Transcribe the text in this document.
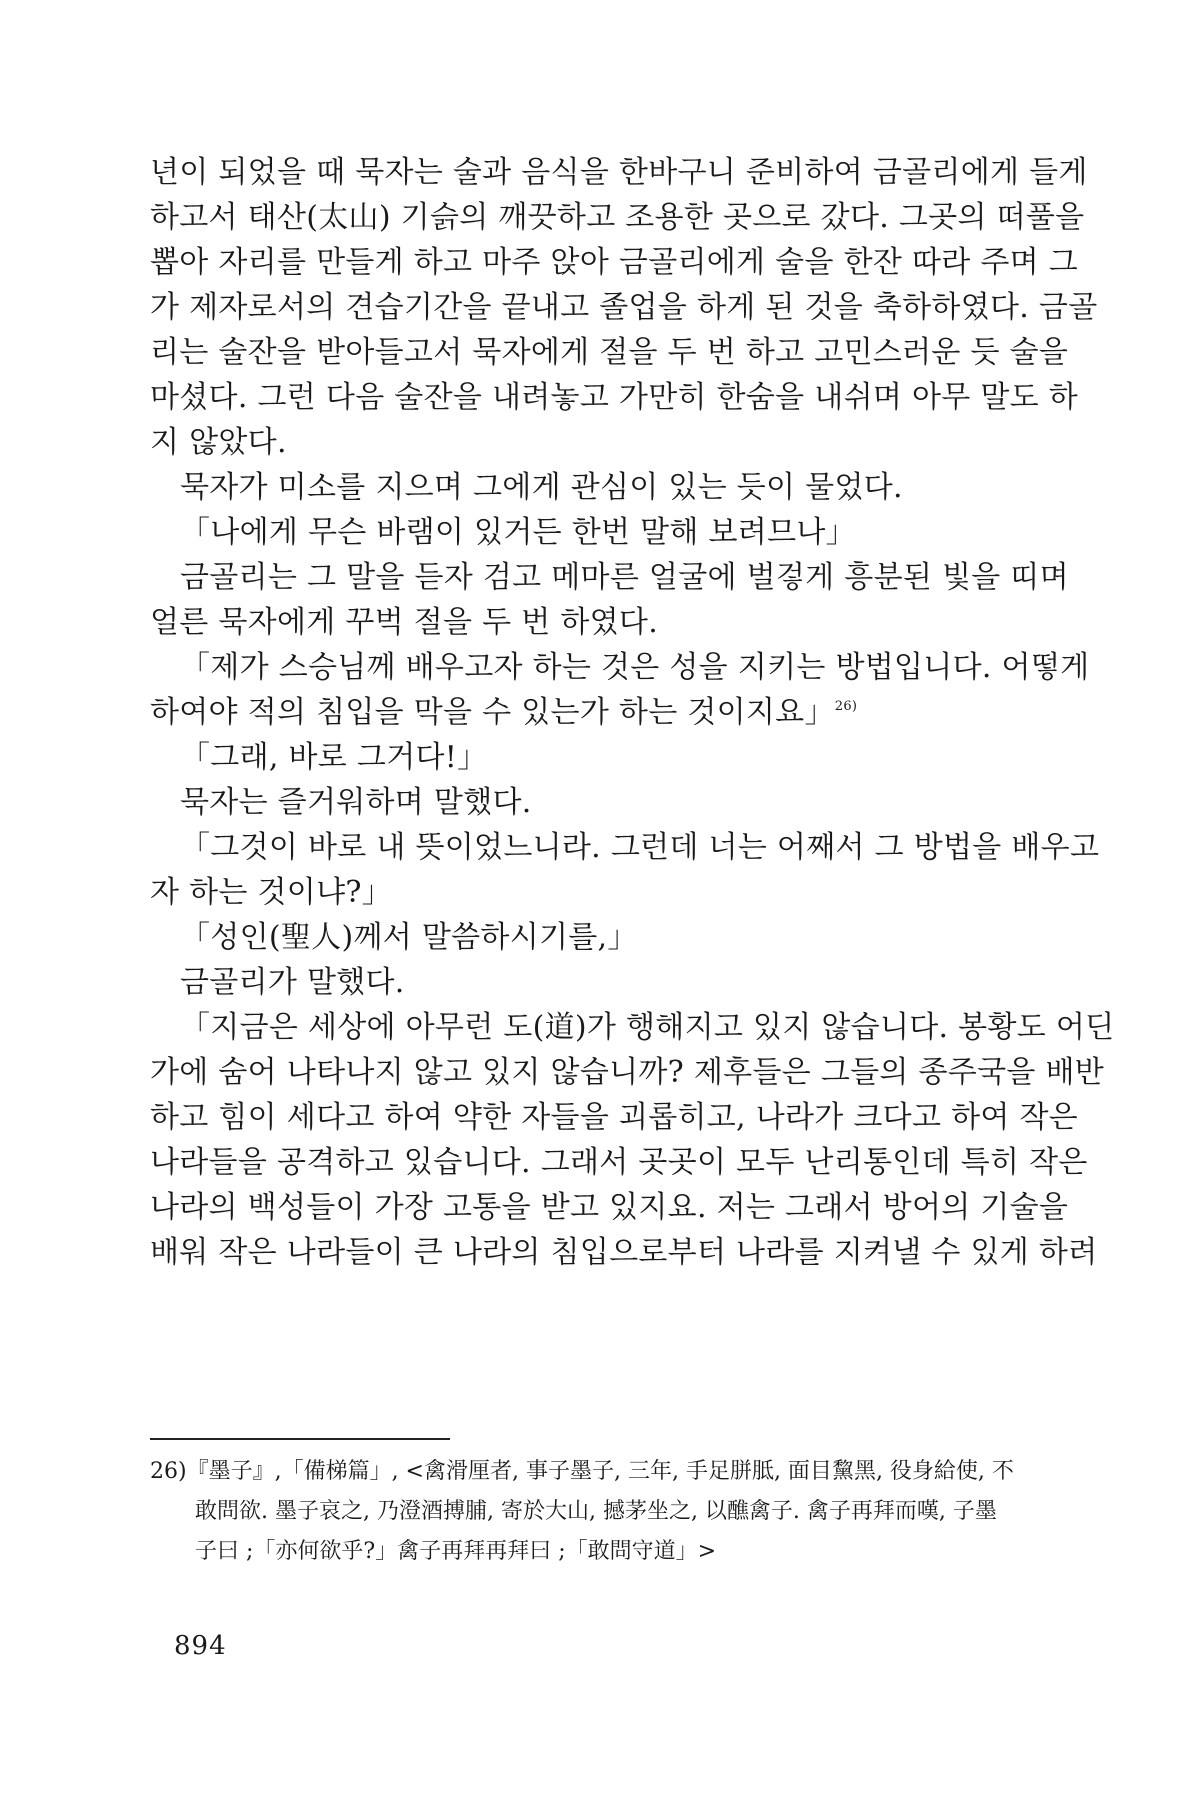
년이 되었을 때 묵자는 술과 음식을 한바구니 준비하여 금골리에게 들게
하고서 태산(太山) 기슭의 깨끗하고 조용한 곳으로 갔다. 그곳의 떠풀을
뽑아 자리를 만들게 하고 마주 앉아 금골리에게 술을 한잔 따라 주며 그
가 제자로서의 견습기간을 끝내고 졸업을 하게 된 것을 축하하였다. 금골
리는 술잔을 받아들고서 묵자에게 절을 두 번 하고 고민스러운 듯 술을
마셨다. 그런 다음 술잔을 내려놓고 가만히 한숨을 내쉬며 아무 말도 하
지 않았다.
묵자가 미소를 지으며 그에게 관심이 있는 듯이 물었다.
「나에게 무슨 바램이 있거든 한번 말해 보려므나」
금골리는 그 말을 듣자 검고 메마른 얼굴에 벌겋게 흥분된 빛을 띠며
얼른 묵자에게 꾸벅 절을 두 번 하였다.
「제가 스승님께 배우고자 하는 것은 성을 지키는 방법입니다. 어떻게
하여야 적의 침입을 막을 수 있는가 하는 것이지요」$^{26)}$
「그래, 바로 그거다!」
묵자는 즐거워하며 말했다.
「그것이 바로 내 뜻이었느니라. 그런데 너는 어째서 그 방법을 배우고
자 하는 것이냐?」
「성인(聖人)께서 말씀하시기를,」
금골리가 말했다.
「지금은 세상에 아무런 도(道)가 행해지고 있지 않습니다. 봉황도 어딘
가에 숨어 나타나지 않고 있지 않습니까? 제후들은 그들의 종주국을 배반
하고 힘이 세다고 하여 약한 자들을 괴롭히고, 나라가 크다고 하여 작은
나라들을 공격하고 있습니다. 그래서 곳곳이 모두 난리통인데 특히 작은
나라의 백성들이 가장 고통을 받고 있지요. 저는 그래서 방어의 기술을
배워 작은 나라들이 큰 나라의 침입으로부터 나라를 지켜낼 수 있게 하려
26)『墨子』,「備梯篇」, <禽滑厘者, 事子墨子, 三年, 手足胼胝, 面目黧黑, 役身給使, 不
敢問欲. 墨子哀之, 乃澄酒搏脯, 寄於大山, 撼茅坐之, 以醮禽子. 禽子再拜而嘆, 子墨
子曰 ;「亦何欲乎?」禽子再拜再拜曰 ;「敢問守道」>
894
